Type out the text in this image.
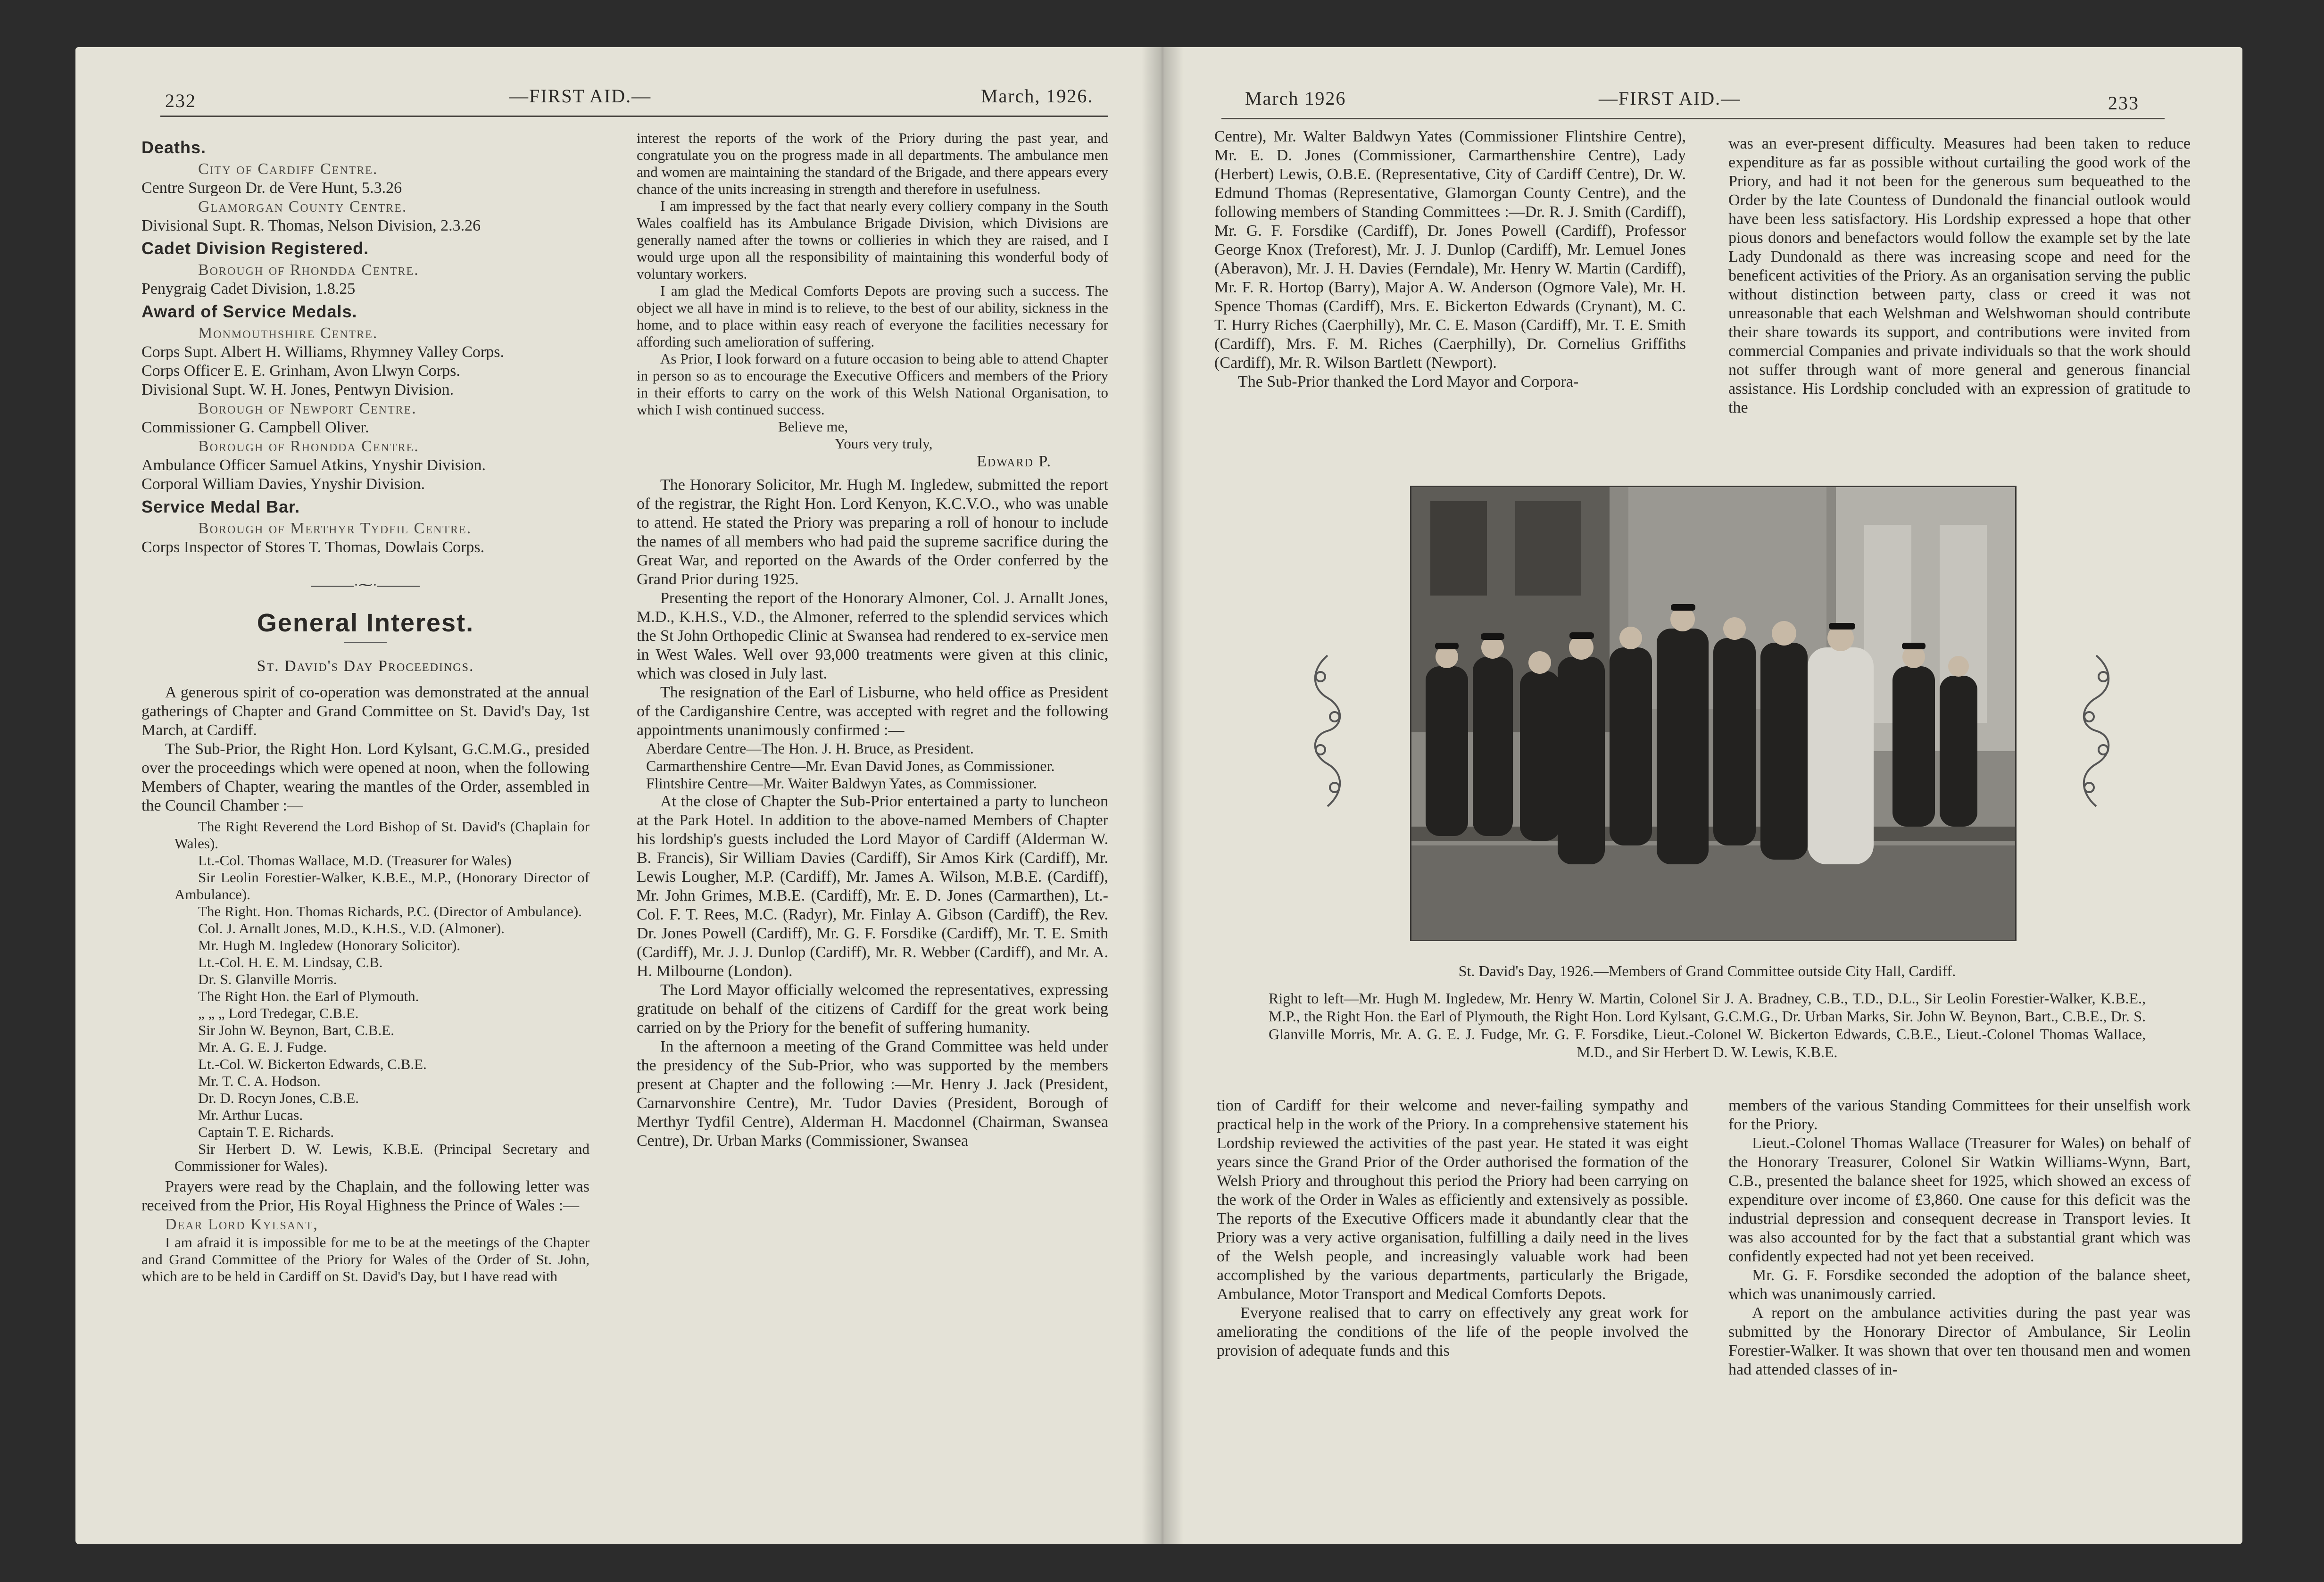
232	—FIRST AID.—	March, 1926.	March 1926	—FIRST AID.—	233
Deaths.
City of Cardiff Centre.
Centre Surgeon Dr. de Vere Hunt, 5.3.26
Glamorgan County Centre.
Divisional Supt. R. Thomas, Nelson Division, 2.3.26
Cadet Division Registered.
Borough of Rhondda Centre.
Penygraig Cadet Division, 1.8.25
Award of Service Medals.
Monmouthshire Centre.
Corps Supt. Albert H. Williams, Rhymney Valley Corps.
Corps Officer E. E. Grinham, Avon Llwyn Corps.
Divisional Supt. W. H. Jones, Pentwyn Division.
Borough of Newport Centre.
Commissioner G. Campbell Oliver.
Borough of Rhondda Centre.
Ambulance Officer Samuel Atkins, Ynyshir Division.
Corporal William Davies, Ynyshir Division.
Service Medal Bar.
Borough of Merthyr Tydfil Centre.
Corps Inspector of Stores T. Thomas, Dowlais Corps.
———·⁓·———
General Interest.
St. David's Day Proceedings.

A generous spirit of co-operation was demonstrated at the annual gatherings of Chapter and Grand Committee on St. David's Day, 1st March, at Cardiff.

The Sub-Prior, the Right Hon. Lord Kylsant, G.C.M.G., presided over the proceedings which were opened at noon, when the following Members of Chapter, wearing the mantles of the Order, assembled in the Council Chamber :—

The Right Reverend the Lord Bishop of St. David's (Chaplain for Wales).

Lt.-Col. Thomas Wallace, M.D. (Treasurer for Wales)

Sir Leolin Forestier-Walker, K.B.E., M.P., (Honorary Director of Ambulance).

The Right. Hon. Thomas Richards, P.C. (Director of Ambulance).

Col. J. Arnallt Jones, M.D., K.H.S., V.D. (Almoner).

Mr. Hugh M. Ingledew (Honorary Solicitor).

Lt.-Col. H. E. M. Lindsay, C.B.

Dr. S. Glanville Morris.

The Right Hon. the Earl of Plymouth.

„ „ „ Lord Tredegar, C.B.E.

Sir John W. Beynon, Bart, C.B.E.

Mr. A. G. E. J. Fudge.

Lt.-Col. W. Bickerton Edwards, C.B.E.

Mr. T. C. A. Hodson.

Dr. D. Rocyn Jones, C.B.E.

Mr. Arthur Lucas.

Captain T. E. Richards.

Sir Herbert D. W. Lewis, K.B.E. (Principal Secretary and Commissioner for Wales).

Prayers were read by the Chaplain, and the following letter was received from the Prior, His Royal Highness the Prince of Wales :—

Dear Lord Kylsant,

I am afraid it is impossible for me to be at the meetings of the Chapter and Grand Committee of the Priory for Wales of the Order of St. John, which are to be held in Cardiff on St. David's Day, but I have read with

interest the reports of the work of the Priory during the past year, and congratulate you on the progress made in all departments. The ambulance men and women are maintaining the standard of the Brigade, and there appears every chance of the units increasing in strength and therefore in usefulness.

I am impressed by the fact that nearly every colliery company in the South Wales coalfield has its Ambulance Brigade Division, which Divisions are generally named after the towns or collieries in which they are raised, and I would urge upon all the responsibility of maintaining this wonderful body of voluntary workers.

I am glad the Medical Comforts Depots are proving such a success. The object we all have in mind is to relieve, to the best of our ability, sickness in the home, and to place within easy reach of everyone the facilities necessary for affording such amelioration of suffering.

As Prior, I look forward on a future occasion to being able to attend Chapter in person so as to encourage the Executive Officers and members of the Priory in their efforts to carry on the work of this Welsh National Organisation, to which I wish continued success.

Believe me,
Yours very truly,
Edward P.

The Honorary Solicitor, Mr. Hugh M. Ingledew, submitted the report of the registrar, the Right Hon. Lord Kenyon, K.C.V.O., who was unable to attend. He stated the Priory was preparing a roll of honour to include the names of all members who had paid the supreme sacrifice during the Great War, and reported on the Awards of the Order conferred by the Grand Prior during 1925.

Presenting the report of the Honorary Almoner, Col. J. Arnallt Jones, M.D., K.H.S., V.D., the Almoner, referred to the splendid services which the St John Orthopedic Clinic at Swansea had rendered to ex-service men in West Wales. Well over 93,000 treatments were given at this clinic, which was closed in July last.

The resignation of the Earl of Lisburne, who held office as President of the Cardiganshire Centre, was accepted with regret and the following appointments unanimously confirmed :—

Aberdare Centre—The Hon. J. H. Bruce, as President.

Carmarthenshire Centre—Mr. Evan David Jones, as Commissioner.

Flintshire Centre—Mr. Waiter Baldwyn Yates, as Commissioner.

At the close of Chapter the Sub-Prior entertained a party to luncheon at the Park Hotel. In addition to the above-named Members of Chapter his lordship's guests included the Lord Mayor of Cardiff (Alderman W. B. Francis), Sir William Davies (Cardiff), Sir Amos Kirk (Cardiff), Mr. Lewis Lougher, M.P. (Cardiff), Mr. James A. Wilson, M.B.E. (Cardiff), Mr. John Grimes, M.B.E. (Cardiff), Mr. E. D. Jones (Carmarthen), Lt.-Col. F. T. Rees, M.C. (Radyr), Mr. Finlay A. Gibson (Cardiff), the Rev. Dr. Jones Powell (Cardiff), Mr. G. F. Forsdike (Cardiff), Mr. T. E. Smith (Cardiff), Mr. J. J. Dunlop (Cardiff), Mr. R. Webber (Cardiff), and Mr. A. H. Milbourne (London).

The Lord Mayor officially welcomed the representatives, expressing gratitude on behalf of the citizens of Cardiff for the great work being carried on by the Priory for the benefit of suffering humanity.

In the afternoon a meeting of the Grand Committee was held under the presidency of the Sub-Prior, who was supported by the members present at Chapter and the following :—Mr. Henry J. Jack (President, Carnarvonshire Centre), Mr. Tudor Davies (President, Borough of Merthyr Tydfil Centre), Alderman H. Macdonnel (Chairman, Swansea Centre), Dr. Urban Marks (Commissioner, Swansea

Centre), Mr. Walter Baldwyn Yates (Commissioner Flintshire Centre), Mr. E. D. Jones (Commissioner, Carmarthenshire Centre), Lady (Herbert) Lewis, O.B.E. (Representative, City of Cardiff Centre), Dr. W. Edmund Thomas (Representative, Glamorgan County Centre), and the following members of Standing Committees :—Dr. R. J. Smith (Cardiff), Mr. G. F. Forsdike (Cardiff), Dr. Jones Powell (Cardiff), Professor George Knox (Treforest), Mr. J. J. Dunlop (Cardiff), Mr. Lemuel Jones (Aberavon), Mr. J. H. Davies (Ferndale), Mr. Henry W. Martin (Cardiff), Mr. F. R. Hortop (Barry), Major A. W. Anderson (Ogmore Vale), Mr. H. Spence Thomas (Cardiff), Mrs. E. Bickerton Edwards (Crynant), M. C. T. Hurry Riches (Caerphilly), Mr. C. E. Mason (Cardiff), Mr. T. E. Smith (Cardiff), Mrs. F. M. Riches (Caerphilly), Dr. Cornelius Griffiths (Cardiff), Mr. R. Wilson Bartlett (Newport).

The Sub-Prior thanked the Lord Mayor and Corpora-

was an ever-present difficulty. Measures had been taken to reduce expenditure as far as possible without curtailing the good work of the Priory, and had it not been for the generous sum bequeathed to the Order by the late Countess of Dundonald the financial outlook would have been less satisfactory. His Lordship expressed a hope that other pious donors and benefactors would follow the example set by the late Lady Dundonald as there was increasing scope and need for the beneficent activities of the Priory. As an organisation serving the public without distinction between party, class or creed it was not unreasonable that each Welshman and Welshwoman should contribute their share towards its support, and contributions were invited from commercial Companies and private individuals so that the work should not suffer through want of more general and generous financial assistance. His Lordship concluded with an expression of gratitude to the

St. David's Day, 1926.—Members of Grand Committee outside City Hall, Cardiff.
Right to left—Mr. Hugh M. Ingledew, Mr. Henry W. Martin, Colonel Sir J. A. Bradney, C.B., T.D., D.L., Sir Leolin Forestier-Walker, K.B.E., M.P., the Right Hon. the Earl of Plymouth, the Right Hon. Lord Kylsant, G.C.M.G., Dr. Urban Marks, Sir. John W. Beynon, Bart., C.B.E., Dr. S. Glanville Morris, Mr. A. G. E. J. Fudge, Mr. G. F. Forsdike, Lieut.-Colonel W. Bickerton Edwards, C.B.E., Lieut.-Colonel Thomas Wallace, M.D., and Sir Herbert D. W. Lewis, K.B.E.

tion of Cardiff for their welcome and never-failing sympathy and practical help in the work of the Priory. In a comprehensive statement his Lordship reviewed the activities of the past year. He stated it was eight years since the Grand Prior of the Order authorised the formation of the Welsh Priory and throughout this period the Priory had been carrying on the work of the Order in Wales as efficiently and extensively as possible. The reports of the Executive Officers made it abundantly clear that the Priory was a very active organisation, fulfilling a daily need in the lives of the Welsh people, and increasingly valuable work had been accomplished by the various departments, particularly the Brigade, Ambulance, Motor Transport and Medical Comforts Depots.

Everyone realised that to carry on effectively any great work for ameliorating the conditions of the life of the people involved the provision of adequate funds and this

members of the various Standing Committees for their unselfish work for the Priory.

Lieut.-Colonel Thomas Wallace (Treasurer for Wales) on behalf of the Honorary Treasurer, Colonel Sir Watkin Williams-Wynn, Bart, C.B., presented the balance sheet for 1925, which showed an excess of expenditure over income of £3,860. One cause for this deficit was the industrial depression and consequent decrease in Transport levies. It was also accounted for by the fact that a substantial grant which was confidently expected had not yet been received.

Mr. G. F. Forsdike seconded the adoption of the balance sheet, which was unanimously carried.

A report on the ambulance activities during the past year was submitted by the Honorary Director of Ambulance, Sir Leolin Forestier-Walker. It was shown that over ten thousand men and women had attended classes of in-
